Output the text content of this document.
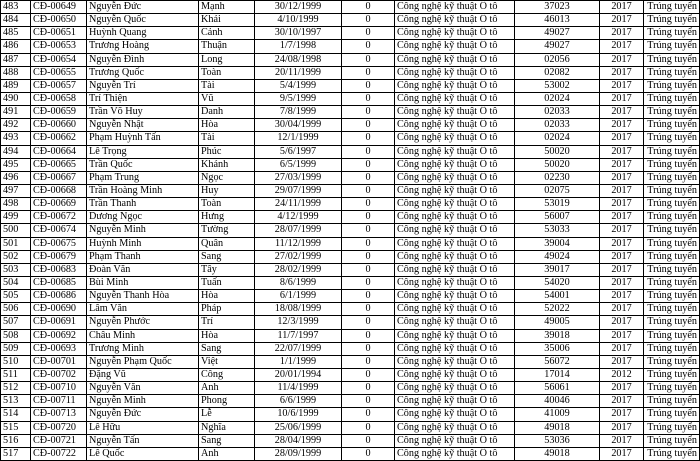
483	CĐ-00649	Nguyễn Đức	Mạnh	30/12/1999	0	Công nghệ kỹ thuật Ô tô	37023	2017	Trúng tuyển
484	CĐ-00650	Nguyễn Quốc	Khải	4/10/1999	0	Công nghệ kỹ thuật Ô tô	46013	2017	Trúng tuyển
485	CĐ-00651	Huỳnh Quang	Cảnh	30/10/1997	0	Công nghệ kỹ thuật Ô tô	49027	2017	Trúng tuyển
486	CĐ-00653	Trương Hoàng	Thuận	1/7/1998	0	Công nghệ kỹ thuật Ô tô	49027	2017	Trúng tuyển
487	CĐ-00654	Nguyễn Đình	Long	24/08/1998	0	Công nghệ kỹ thuật Ô tô	02056	2017	Trúng tuyển
488	CĐ-00655	Trương Quốc	Toàn	20/11/1999	0	Công nghệ kỹ thuật Ô tô	02082	2017	Trúng tuyển
489	CĐ-00657	Nguyễn Trí	Tài	5/4/1999	0	Công nghệ kỹ thuật Ô tô	53002	2017	Trúng tuyển
490	CĐ-00658	Trí Thiện	Vũ	9/5/1999	0	Công nghệ kỹ thuật Ô tô	02024	2017	Trúng tuyển
491	CĐ-00659	Trần Võ Huy	Danh	7/8/1999	0	Công nghệ kỹ thuật Ô tô	02033	2017	Trúng tuyển
492	CĐ-00660	Nguyễn Nhật	Hòa	30/04/1999	0	Công nghệ kỹ thuật Ô tô	02033	2017	Trúng tuyển
493	CĐ-00662	Phạm Huỳnh Tấn	Tài	12/1/1999	0	Công nghệ kỹ thuật Ô tô	02024	2017	Trúng tuyển
494	CĐ-00664	Lê Trọng	Phúc	5/6/1997	0	Công nghệ kỹ thuật Ô tô	50020	2017	Trúng tuyển
495	CĐ-00665	Trần Quốc	Khánh	6/5/1999	0	Công nghệ kỹ thuật Ô tô	50020	2017	Trúng tuyển
496	CĐ-00667	Phạm Trung	Ngọc	27/03/1999	0	Công nghệ kỹ thuật Ô tô	02230	2017	Trúng tuyển
497	CĐ-00668	Trần Hoàng Minh	Huy	29/07/1999	0	Công nghệ kỹ thuật Ô tô	02075	2017	Trúng tuyển
498	CĐ-00669	Trần Thanh	Toàn	24/11/1999	0	Công nghệ kỹ thuật Ô tô	53019	2017	Trúng tuyển
499	CĐ-00672	Dương Ngọc	Hưng	4/12/1999	0	Công nghệ kỹ thuật Ô tô	56007	2017	Trúng tuyển
500	CĐ-00674	Nguyễn Minh	Tường	28/07/1999	0	Công nghệ kỹ thuật Ô tô	53033	2017	Trúng tuyển
501	CĐ-00675	Huỳnh Minh	Quân	11/12/1999	0	Công nghệ kỹ thuật Ô tô	39004	2017	Trúng tuyển
502	CĐ-00679	Phạm Thanh	Sang	27/02/1999	0	Công nghệ kỹ thuật Ô tô	49024	2017	Trúng tuyển
503	CĐ-00683	Đoàn Văn	Tây	28/02/1999	0	Công nghệ kỹ thuật Ô tô	39017	2017	Trúng tuyển
504	CĐ-00685	Bùi Minh	Tuấn	8/6/1999	0	Công nghệ kỹ thuật Ô tô	54020	2017	Trúng tuyển
505	CĐ-00686	Nguyễn Thanh Hòa	Hòa	6/1/1999	0	Công nghệ kỹ thuật Ô tô	54001	2017	Trúng tuyển
506	CĐ-00690	Lâm Văn	Pháp	18/08/1999	0	Công nghệ kỹ thuật Ô tô	52022	2017	Trúng tuyển
507	CĐ-00691	Nguyễn Phước	Trí	12/3/1999	0	Công nghệ kỹ thuật Ô tô	49005	2017	Trúng tuyển
508	CĐ-00692	Châu Minh	Hòa	11/7/1997	0	Công nghệ kỹ thuật Ô tô	39018	2017	Trúng tuyển
509	CĐ-00693	Trương Minh	Sang	22/07/1999	0	Công nghệ kỹ thuật Ô tô	35006	2017	Trúng tuyển
510	CĐ-00701	Nguyễn Phạm Quốc	Việt	1/1/1999	0	Công nghệ kỹ thuật Ô tô	56072	2017	Trúng tuyển
511	CĐ-00702	Đặng Vũ	Công	20/01/1994	0	Công nghệ kỹ thuật Ô tô	17014	2012	Trúng tuyển
512	CĐ-00710	Nguyễn Văn	Anh	11/4/1999	0	Công nghệ kỹ thuật Ô tô	56061	2017	Trúng tuyển
513	CĐ-00711	Nguyễn Minh	Phong	6/6/1999	0	Công nghệ kỹ thuật Ô tô	40046	2017	Trúng tuyển
514	CĐ-00713	Nguyễn Đức	Lễ	10/6/1999	0	Công nghệ kỹ thuật Ô tô	41009	2017	Trúng tuyển
515	CĐ-00720	Lê Hữu	Nghĩa	25/06/1999	0	Công nghệ kỹ thuật Ô tô	49018	2017	Trúng tuyển
516	CĐ-00721	Nguyễn Tấn	Sang	28/04/1999	0	Công nghệ kỹ thuật Ô tô	53036	2017	Trúng tuyển
517	CĐ-00722	Lê Quốc	Anh	28/09/1999	0	Công nghệ kỹ thuật Ô tô	49018	2017	Trúng tuyển
